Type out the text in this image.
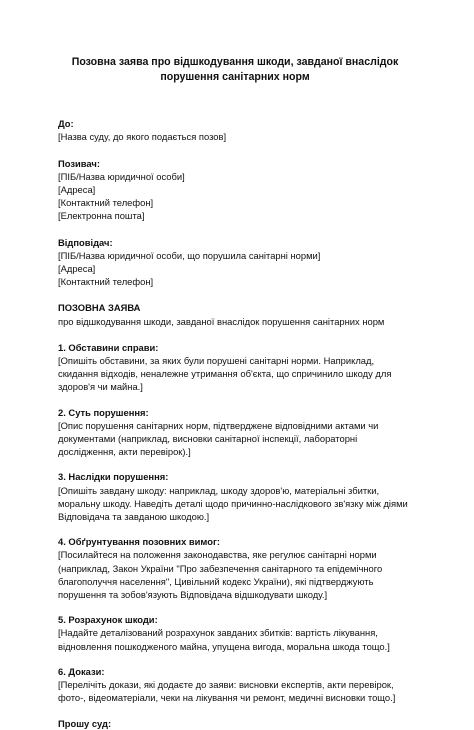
Позовна заява про відшкодування шкоди, завданої внаслідок порушення санітарних норм
До:
[Назва суду, до якого подається позов]
Позивач:
[ПІБ/Назва юридичної особи]
[Адреса]
[Контактний телефон]
[Електронна пошта]
Відповідач:
[ПІБ/Назва юридичної особи, що порушила санітарні норми]
[Адреса]
[Контактний телефон]
ПОЗОВНА ЗАЯВА
про відшкодування шкоди, завданої внаслідок порушення санітарних норм
1. Обставини справи:
[Опишіть обставини, за яких були порушені санітарні норми. Наприклад, скидання відходів, неналежне утримання об'єкта, що спричинило шкоду для здоров'я чи майна.]
2. Суть порушення:
[Опис порушення санітарних норм, підтверджене відповідними актами чи документами (наприклад, висновки санітарної інспекції, лабораторні дослідження, акти перевірок).]
3. Наслідки порушення:
[Опишіть завдану шкоду: наприклад, шкоду здоров'ю, матеріальні збитки, моральну шкоду. Наведіть деталі щодо причинно-наслідкового зв'язку між діями Відповідача та завданою шкодою.]
4. Обґрунтування позовних вимог:
[Посилайтеся на положення законодавства, яке регулює санітарні норми (наприклад, Закон України "Про забезпечення санітарного та епідемічного благополуччя населення", Цивільний кодекс України), які підтверджують порушення та зобов'язують Відповідача відшкодувати шкоду.]
5. Розрахунок шкоди:
[Надайте деталізований розрахунок завданих збитків: вартість лікування, відновлення пошкодженого майна, упущена вигода, моральна шкода тощо.]
6. Докази:
[Перелічіть докази, які додаєте до заяви: висновки експертів, акти перевірок, фото-, відеоматеріали, чеки на лікування чи ремонт, медичні висновки тощо.]
Прошу суд:
